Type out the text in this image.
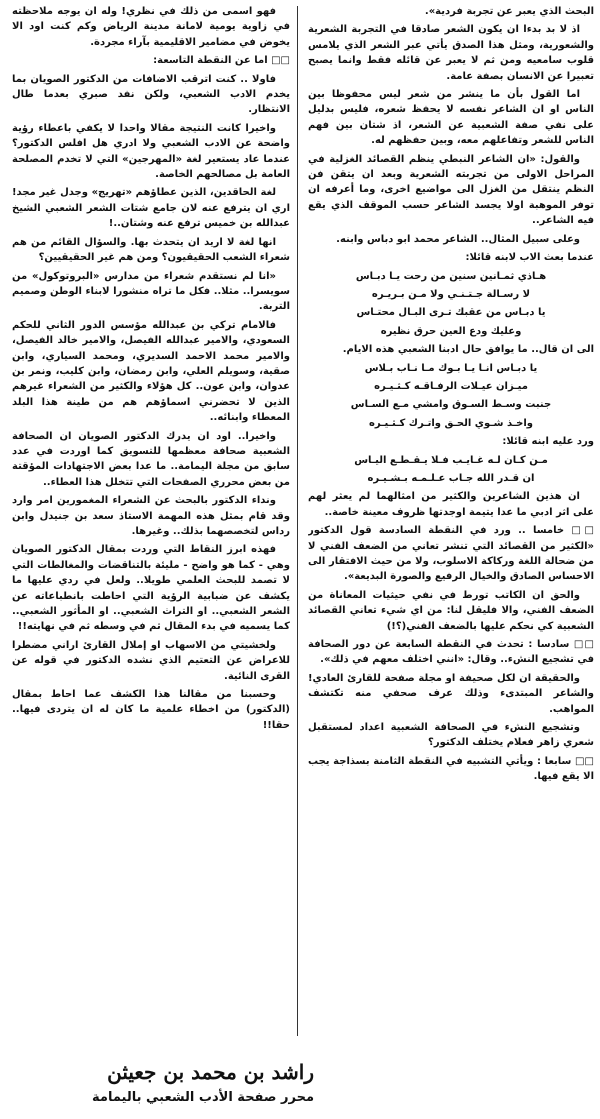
البحث الذي يعبر عن تجربة فردية».

اذ لا بد بدءا ان يكون الشعر صادقا في التجربة الشعرية والشعورية، ومثل هذا الصدق يأتي عبر الشعر الذي يلامس قلوب سامعيه ومن ثم لا يعبر عن قائله فقط وانما يصبح تعبيرا عن الانسان بصفة عامة.

اما القول بأن ما ينشر من شعر ليس محفوظا بين الناس او ان الشاعر نفسه لا يحفظ شعره، فليس بدليل على نفي صفة الشعبية عن الشعر، اذ شتان بين فهم الناس للشعر وتفاعلهم معه، وبين حفظهم له.

والقول: «ان الشاعر النبطي ينظم القصائد الغزلية في المراحل الاولى من تجربته الشعرية وبعد ان يتقن فن النظم ينتقل من الغزل الى مواضيع اخرى، وما أعرفه ان توفر الموهبة اولا يجسد الشاعر حسب الموقف الذي يقع فيه الشاعر..

وعلى سبيل المثال.. الشاعر محمد ابو دباس وابنه.

عندما بعث الاب لابنه قائلا:

هـاذي ثمـانين سنين من رحت يـا دبـاس

لا رسـالة جـتـنـي ولا مـن بـريـره

يا دبـاس من عقبك تـرى البـال محتـاس

وعليك ودع العين حرق نظيره

الى ان قال.. ما يوافق حال ادبنا الشعبي هذه الايام.

يا دبـاس انـا يـا بـوك مـا نـاب بـلاس

ميـزان عيـلات الرفـاقـه كـثـيـره

جنبت وسـط السـوق وامشي مـع السـاس

واخـذ شـوي الحـق واتـرك كـثـيـره

ورد عليه ابنه قائلا:

مـن كـان لـه غـايـب فـلا يـقـطـع اليـاس

ان قـدر الله جـاب عـلـمـه بـشـيـره

ان هذين الشاعرين والكثير من امثالهما لم يعثر لهم على اثر ادبي ما عدا يتيمة اوجدتها ظروف معينة خاصة..

□□ خامسا .. ورد في النقطة السادسة قول الدكتور «الكثير من القصائد التي تنشر تعاني من الضعف الفني لا من ضحالة اللغة وركاكة الاسلوب، ولا من حيث الافتقار الى الاحساس الصادق والخيال الرفيع والصورة البديعة».

والحق ان الكاتب تورط في نفي حيثيات المعاناة من الضعف الفني، والا فليقل لنا: من اي شيء تعاني القصائد الشعبية كي نحكم عليها بالضعف الفني(؟!)

□□ سادسا : تحدث في النقطة السابعة عن دور الصحافة في تشجيع النشء.. وقال: «انني اختلف معهم في ذلك».

والحقيقة ان لكل صحيفة او مجلة صفحة للقارئ العادي! والشاعر المبتدىء وذلك عرف صحفي منه تكتشف المواهب.

وتشجيع النشء في الصحافة الشعبية اعداد لمستقبل شعري زاهر فعلام يختلف الدكتور؟

□□ سابعا : ويأتي التشبيه في النقطة الثامنة بسذاجة يجب الا يقع فيها.

فهو اسمى من ذلك في نظري! وله ان يوجه ملاحظته في زاوية يومية لامانة مدينة الرياض وكم كنت اود الا يخوض في مضامير الاقليمية بآراء مجردة.

□□ اما عن النقطة التاسعة:

فاولا .. كنت اترقب الاضافات من الدكتور الصويان بما يخدم الادب الشعبي، ولكن نفد صبري بعدما طال الانتظار.

واخيرا كانت النتيجة مقالا واحدا لا يكفي باعطاء رؤية واضحة عن الادب الشعبي ولا ادري هل افلس الدكتور؟ عندما عاد يستعير لغة «المهرجين» التي لا تخدم المصلحة العامة بل مصالحهم الخاصة.

لغة الحاقدين، الذين عطاؤهم «تهريج» وجدل غير مجد! اري ان يترفع عنه لان جامع شتات الشعر الشعبي الشيخ عبدالله بن خميس ترفع عنه وشتان..!

انها لغة لا اريد ان يتحدث بها. والسؤال القائم من هم شعراء الشعب الحقيقيون؟ ومن هم غير الحقيقيين؟

«انا لم نستقدم شعراء من مدارس «البروتوكول» من سويسرا.. مثلا.. فكل ما تراه منشورا لابناء الوطن وصميم التربة.

فالامام تركي بن عبدالله مؤسس الدور الثاني للحكم السعودي، والامير عبدالله الفيصل، والامير خالد الفيصل، والامير محمد الاحمد السديري، ومحمد السياري، وابن صقية، وسويلم العلي، وابن رمضان، وابن كليب، ونمر بن عدوان، وابن عون.. كل هؤلاء والكثير من الشعراء غيرهم الذين لا تحضرني اسماؤهم هم من طينة هذا البلد المعطاء وابنائه..

واخيرا.. اود ان يدرك الدكتور الصويان ان الصحافة الشعبية صحافة معظمها للتسويق كما اوردت في عدد سابق من مجلة اليمامة.. ما عدا بعض الاجتهادات المؤقتة من بعض محرري الصفحات التي تتخلل هذا العطاء..

ونداء الدكتور بالبحث عن الشعراء المغمورين امر وارد وقد قام بمثل هذه المهمة الاستاذ سعد بن جنيدل وابن رداس لتخصصهما بذلك.. وغيرها.

فهذه ابرز النقاط التي وردت بمقال الدكتور الصويان وهي - كما هو واضح - مليئة بالتناقضات والمغالطات التي لا تصمد للبحث العلمي طويلا.. ولعل في ردي عليها ما يكشف عن ضبابية الرؤية التي احاطت بانطباعاته عن الشعر الشعبي.. او التراث الشعبي.. او المأثور الشعبي.. كما يسميه في بدء المقال ثم في وسطه ثم في نهايته!!

ولخشيتي من الاسهاب او إملال القارئ اراني مضطرا للاعراض عن التعتيم الذي نشده الدكتور في قوله عن القرى النائية.

وحسبنا من مقالنا هذا الكشف عما احاط بمقال (الدكتور) من اخطاء علمية ما كان له ان يتردى فيها.. حقا!!

راشد بن محمد بن جعيثن
محرر صفحة الأدب الشعبي باليمامة
